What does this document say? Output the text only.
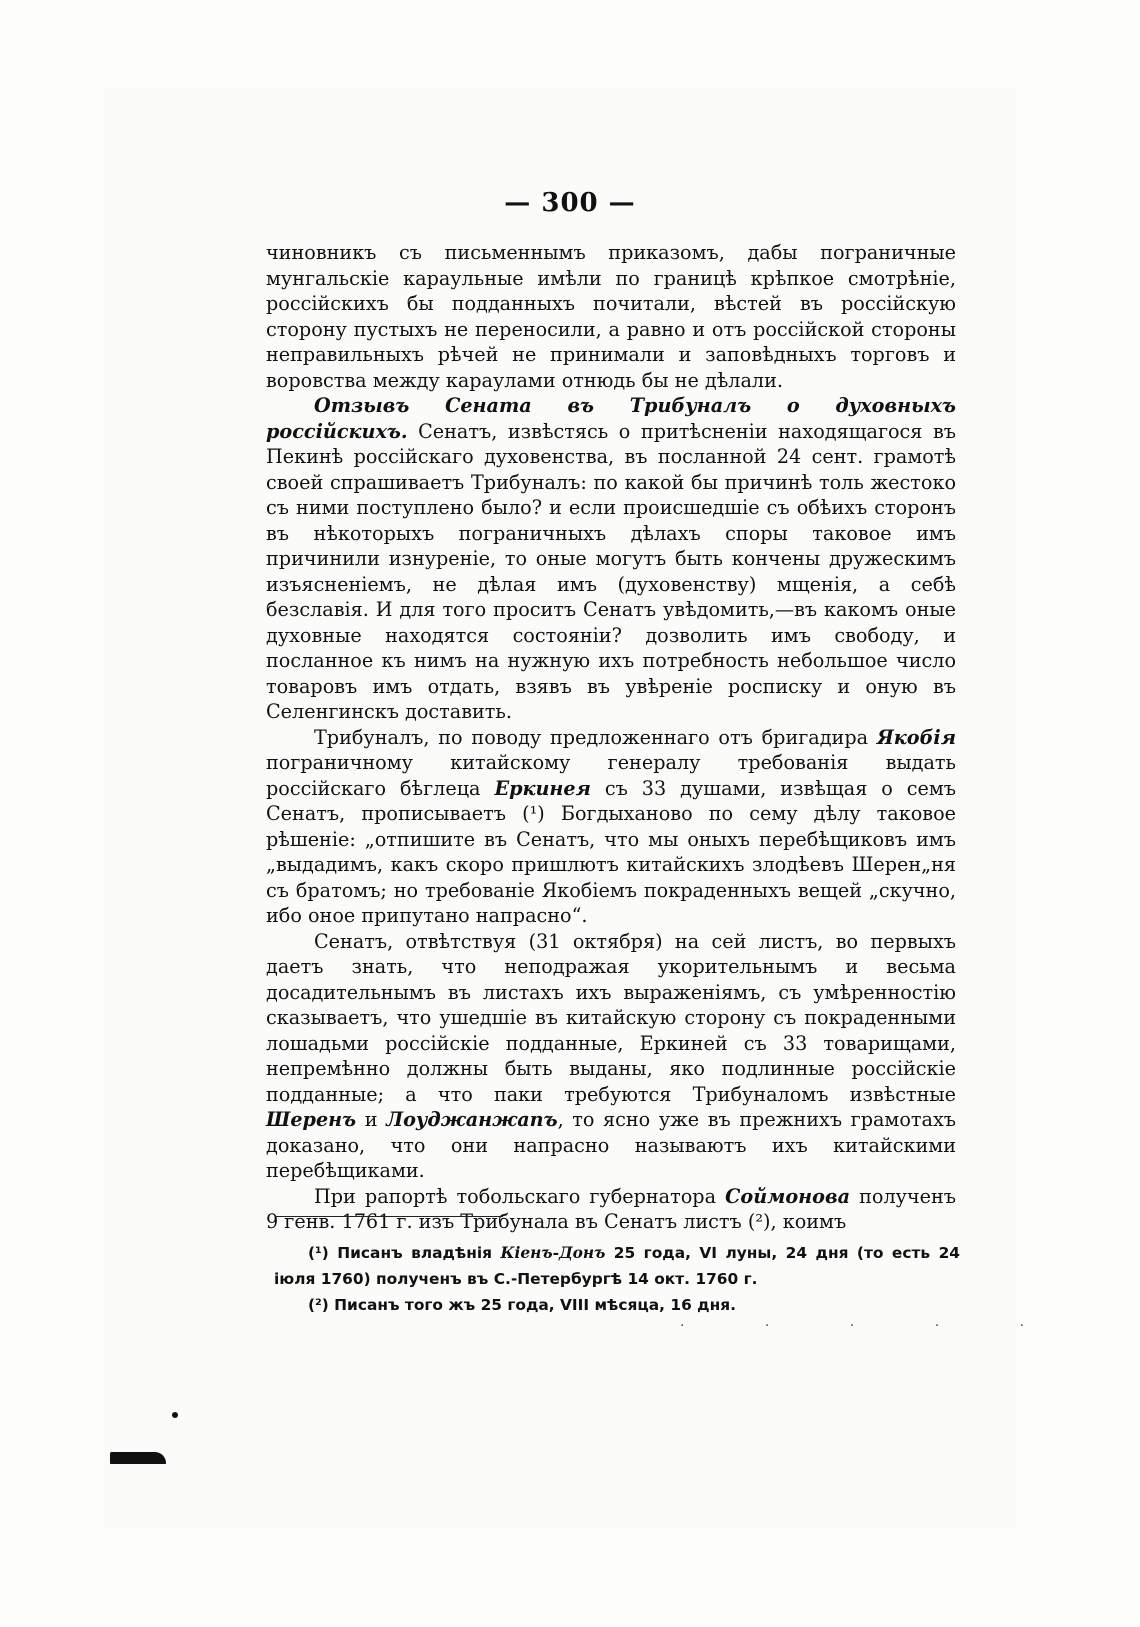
— 300 —

чиновникъ съ письменнымъ приказомъ, дабы пограничные мунгальскіе караульные имѣли по границѣ крѣпкое смотрѣніе, россійскихъ бы подданныхъ почитали, вѣстей въ россійскую сторону пустыхъ не переносили, а равно и отъ россійской стороны неправильныхъ рѣчей не принимали и заповѣдныхъ торговъ и воровства между караулами отнюдь бы не дѣлали.

Отзывъ Сената въ Трибуналъ о духовныхъ россійскихъ. Сенатъ, извѣстясь о притѣсненіи находящагося въ Пекинѣ россійскаго духовенства, въ посланной 24 сент. грамотѣ своей спрашиваетъ Трибуналъ: по какой бы причинѣ толь жестоко съ ними поступлено было? и если происшедшіе съ обѣихъ сторонъ въ нѣкоторыхъ пограничныхъ дѣлахъ споры таковое имъ причинили изнуреніе, то оные могутъ быть кончены дружескимъ изъясненіемъ, не дѣлая имъ (духовенству) мщенія, а себѣ безславія. И для того проситъ Сенатъ увѣдомить,—въ какомъ оные духовные находятся состояніи? дозволить имъ свободу, и посланное къ нимъ на нужную ихъ потребность небольшое число товаровъ имъ отдать, взявъ въ увѣреніе росписку и оную въ Селенгинскъ доставить.

Трибуналъ, по поводу предложеннаго отъ бригадира Якобія пограничному китайскому генералу требованія выдать россійскаго бѣглеца Еркинея съ 33 душами, извѣщая о семъ Сенатъ, прописываетъ (¹) Богдыханово по сему дѣлу таковое рѣшеніе: „отпишите въ Сенатъ, что мы оныхъ перебѣщиковъ имъ „выдадимъ, какъ скоро пришлютъ китайскихъ злодѣевъ Шерен„ня съ братомъ; но требованіе Якобіемъ покраденныхъ вещей „скучно, ибо оное припутано напрасно“.

Сенатъ, отвѣтствуя (31 октября) на сей листъ, во первыхъ даетъ знать, что неподражая укорительнымъ и весьма досадительнымъ въ листахъ ихъ выраженіямъ, съ умѣренностію сказываетъ, что ушедшіе въ китайскую сторону съ покраденными лошадьми россійскіе подданные, Еркиней съ 33 товарищами, непремѣнно должны быть выданы, яко подлинные россійскіе подданные; а что паки требуются Трибуналомъ извѣстные Шеренъ и Лоуджанжапъ, то ясно уже въ прежнихъ грамотахъ доказано, что они напрасно называютъ ихъ китайскими перебѣщиками.

При рапортѣ тобольскаго губернатора Соймонова полученъ 9 генв. 1761 г. изъ Трибунала въ Сенатъ листъ (²), коимъ

(¹) Писанъ владѣнія Кіенъ-Донъ 25 года, VI луны, 24 дня (то есть 24 іюля 1760) полученъ въ С.-Петербургѣ 14 окт. 1760 г.

(²) Писанъ того жъ 25 года, VIII мѣсяца, 16 дня.

· · · · ·
